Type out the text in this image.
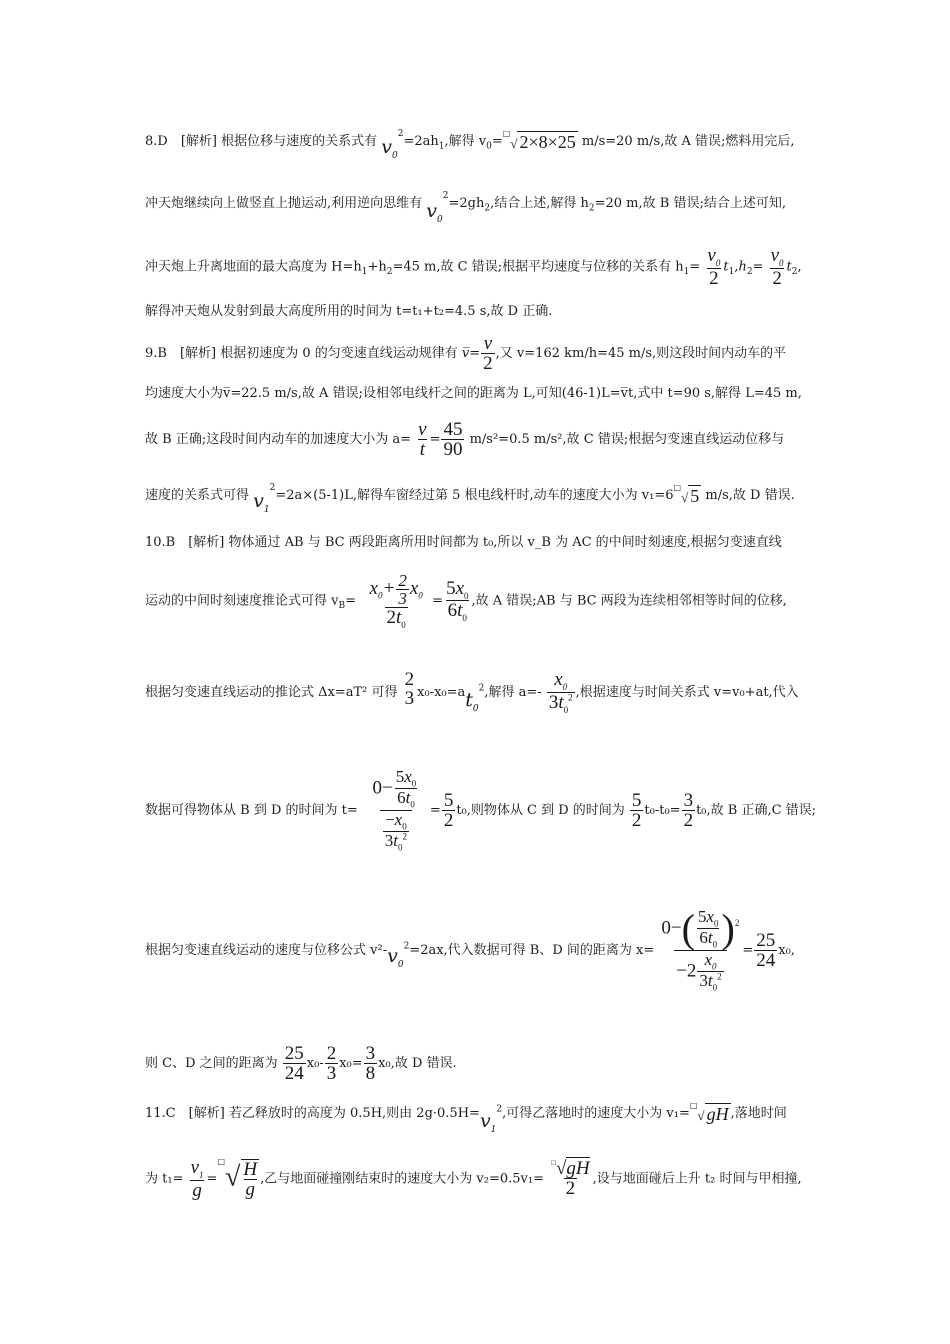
8.D　[解析] 根据位移与速度的关系式有 $v_0^2=2ah_1$,解得 $v_0=^□√$ 2×8×25 m/s=20 m/s,故 A 错误;燃料用完后,
冲天炮继续向上做竖直上抛运动,利用逆向思维有 $v_0^2=2gh_2$,结合上述,解得 $h_2=20$ m,故 B 错误;结合上述可知,
冲天炮上升离地面的最大高度为 $H=h_1+h_2=45$ m,故 C 错误;根据平均速度与位移的关系有 $h_1= \frac{v_0}{2} t_1,h_2= \frac{v_0}{2} t_2$,
解得冲天炮从发射到最大高度所用的时间为 t=t₁+t₂=4.5 s,故 D 正确.
9.B　[解析] 根据初速度为 0 的匀变速直线运动规律有 v̅= $\frac{v}{2}$ ,又 v=162 km/h=45 m/s,则这段时间内动车的平
均速度大小为v̅=22.5 m/s,故 A 错误;设相邻电线杆之间的距离为 L,可知(46-1)L=v̅t,式中 t=90 s,解得 L=45 m,
故 B 正确;这段时间内动车的加速度大小为 $a= \frac{v}{t} = \frac{45}{90} m/s^2=0.5$ m/s²,故 C 错误;根据匀变速直线运动位移与
速度的关系式可得 $v_1^2=2a\times(5-1)L$,解得车窗经过第 5 根电线杆时,动车的速度大小为 v₁=6□√ 5 m/s,故 D 错误.
10.B　[解析] 物体通过 AB 与 BC 两段距离所用时间都为 t₀,所以 v_B 为 AC 的中间时刻速度,根据匀变速直线
运动的中间时刻速度推论式可得 $v_B= \frac{x_0+ \frac{2}{3} x_0}{2t_0} = \frac{5x_0}{6t_0}$ ,故 A 错误;AB 与 BC 两段为连续相邻相等时间的位移,
根据匀变速直线运动的推论式 Δx=aT² 可得
2
3 $x_0-x_0=at_0^2$,解得 $a=- \frac{x_0}{3t_0^2}$ ,根据速度与时间关系式 v=v₀+at,代入
数据可得物体从 B 到 D 的时间为 $t= \frac{0- \frac{5x_0}{6t_0}}{\frac{-x_0}{3t_0^2}} = \frac{5}{2} t_0$,则物体从 C 到 D 的时间为 $\frac{5}{2} t_0-t_0= \frac{3}{2} t_0$,故 B 正确,C 错误;
根据匀变速直线运动的速度与位移公式 $v^2-v_0^2=2ax$,代入数据可得 B、D 间的距离为 $x= \frac{0-( \frac{5x_0}{6t_0} )^2}{-2 \frac{x_0}{3t_0^2}} = \frac{25}{24} x_0$,
则 C、D 之间的距离为 $\frac{25}{24} x_0- \frac{2}{3} x_0= \frac{3}{8} x_0$,故 D 错误.
11.C　[解析] 若乙释放时的高度为 0.5H,则由 $2g\cdot 0.5H=v_1^2$,可得乙落地时的速度大小为 v₁=□√ gH ,落地时间
为 $t_1= \frac{v_1}{g} =^□√ \frac{H}{g}$ ,乙与地面碰撞刚结束时的速度大小为 $v_2=0.5v_1= \frac{^□√gH}{2}$ ,设与地面碰后上升 t₂ 时间与甲相撞,
